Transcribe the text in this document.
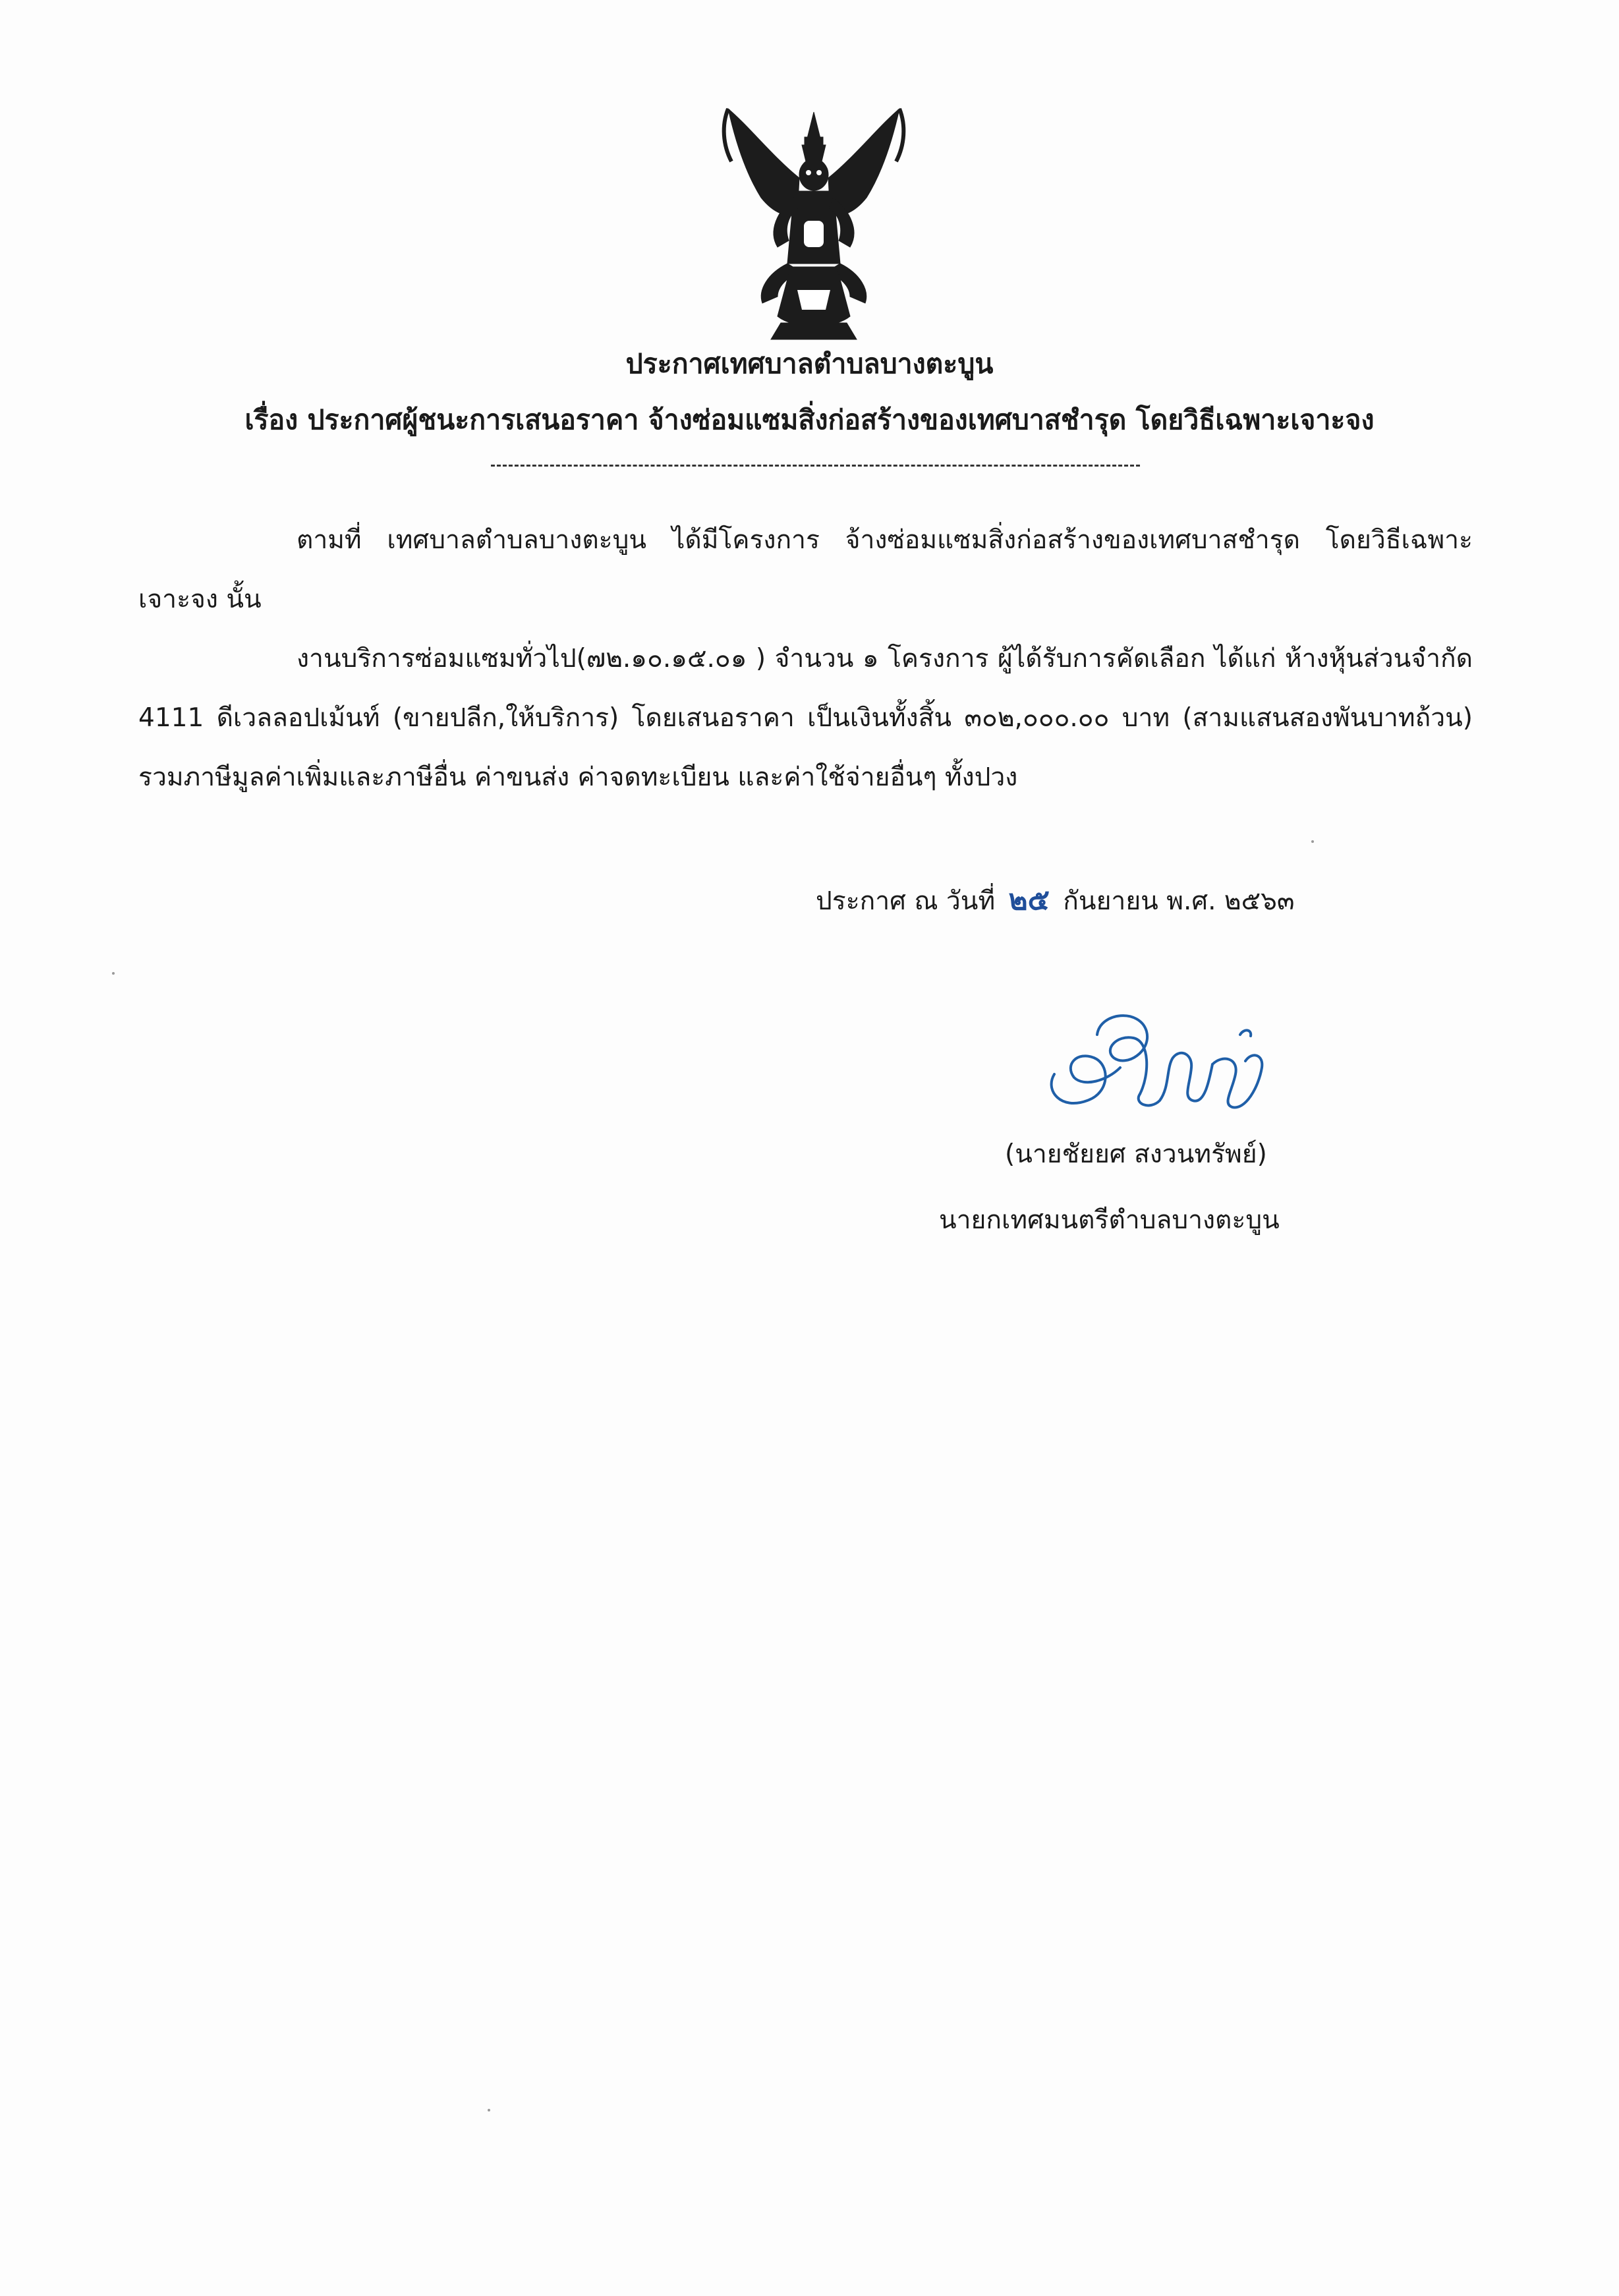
ประกาศเทศบาลตำบลบางตะบูน
เรื่อง ประกาศผู้ชนะการเสนอราคา จ้างซ่อมแซมสิ่งก่อสร้างของเทศบาสชำรุด โดยวิธีเฉพาะเจาะจง
ตามที่ เทศบาลตำบลบางตะบูน ได้มีโครงการ จ้างซ่อมแซมสิ่งก่อสร้างของเทศบาสชำรุด โดยวิธีเฉพาะเจาะจง นั้น
งานบริการซ่อมแซมทั่วไป(๗๒.๑๐.๑๕.๐๑ ) จำนวน ๑ โครงการ ผู้ได้รับการคัดเลือก ได้แก่ ห้างหุ้นส่วนจำกัด 4111 ดีเวลลอปเม้นท์ (ขายปลีก,ให้บริการ) โดยเสนอราคา เป็นเงินทั้งสิ้น ๓๐๒,๐๐๐.๐๐ บาท (สามแสนสองพันบาทถ้วน) รวมภาษีมูลค่าเพิ่มและภาษีอื่น ค่าขนส่ง ค่าจดทะเบียน และค่าใช้จ่ายอื่นๆ ทั้งปวง
ประกาศ ณ วันที่ ๒๕ กันยายน พ.ศ. ๒๕๖๓
(นายชัยยศ สงวนทรัพย์)
นายกเทศมนตรีตำบลบางตะบูน
